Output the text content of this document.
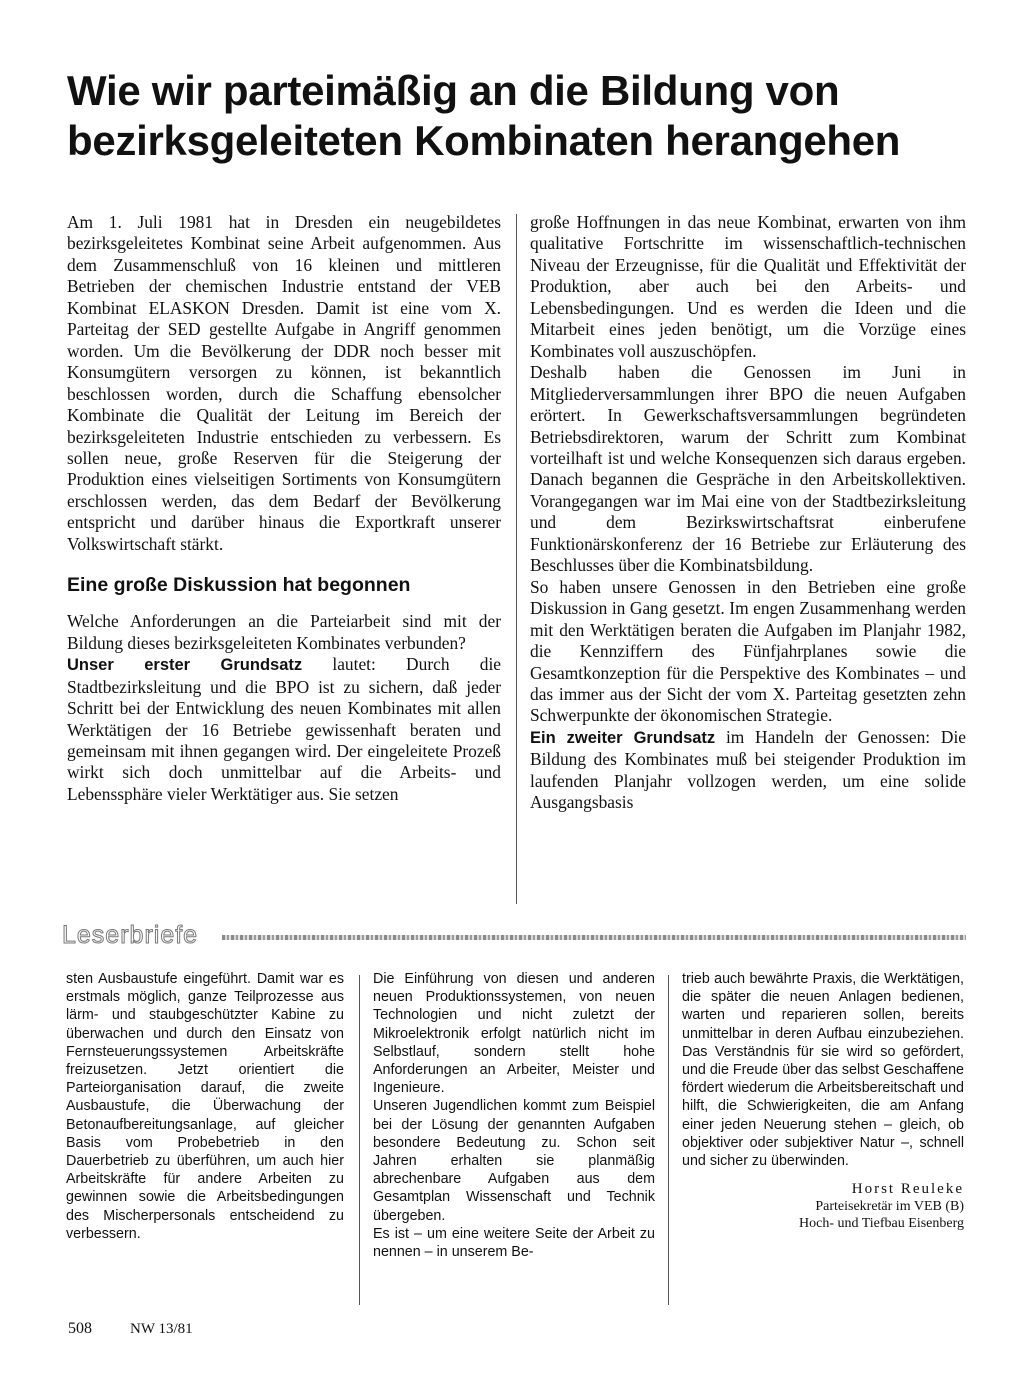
Wie wir parteimäßig an die Bildung von bezirksgeleiteten Kombinaten herangehen

Am 1. Juli 1981 hat in Dresden ein neugebildetes bezirksgeleitetes Kombinat seine Arbeit aufgenommen. Aus dem Zusammenschluß von 16 kleinen und mittleren Betrieben der chemischen Industrie entstand der VEB Kombinat ELASKON Dresden. Damit ist eine vom X. Parteitag der SED gestellte Aufgabe in Angriff genommen worden. Um die Bevölkerung der DDR noch besser mit Konsumgütern versorgen zu können, ist bekanntlich beschlossen worden, durch die Schaffung ebensolcher Kombinate die Qualität der Leitung im Bereich der bezirksgeleiteten Industrie entschieden zu verbessern. Es sollen neue, große Reserven für die Steigerung der Produktion eines vielseitigen Sortiments von Konsumgütern erschlossen werden, das dem Bedarf der Bevölkerung entspricht und darüber hinaus die Exportkraft unserer Volkswirtschaft stärkt.

Eine große Diskussion hat begonnen

Welche Anforderungen an die Parteiarbeit sind mit der Bildung dieses bezirksgeleiteten Kombinates verbunden?

Unser erster Grundsatz lautet: Durch die Stadtbezirksleitung und die BPO ist zu sichern, daß jeder Schritt bei der Entwicklung des neuen Kombinates mit allen Werktätigen der 16 Betriebe gewissenhaft beraten und gemeinsam mit ihnen gegangen wird. Der eingeleitete Prozeß wirkt sich doch unmittelbar auf die Arbeits- und Lebenssphäre vieler Werktätiger aus. Sie setzen

große Hoffnungen in das neue Kombinat, erwarten von ihm qualitative Fortschritte im wissenschaftlich-technischen Niveau der Erzeugnisse, für die Qualität und Effektivität der Produktion, aber auch bei den Arbeits- und Lebensbedingungen. Und es werden die Ideen und die Mitarbeit eines jeden benötigt, um die Vorzüge eines Kombinates voll auszuschöpfen.

Deshalb haben die Genossen im Juni in Mitgliederversammlungen ihrer BPO die neuen Aufgaben erörtert. In Gewerkschaftsversammlungen begründeten Betriebsdirektoren, warum der Schritt zum Kombinat vorteilhaft ist und welche Konsequenzen sich daraus ergeben. Danach begannen die Gespräche in den Arbeitskollektiven. Vorangegangen war im Mai eine von der Stadtbezirksleitung und dem Bezirkswirtschaftsrat einberufene Funktionärskonferenz der 16 Betriebe zur Erläuterung des Beschlusses über die Kombinatsbildung.

So haben unsere Genossen in den Betrieben eine große Diskussion in Gang gesetzt. Im engen Zusammenhang werden mit den Werktätigen beraten die Aufgaben im Planjahr 1982, die Kennziffern des Fünfjahrplanes sowie die Gesamtkonzeption für die Perspektive des Kombinates – und das immer aus der Sicht der vom X. Parteitag gesetzten zehn Schwerpunkte der ökonomischen Strategie.

Ein zweiter Grundsatz im Handeln der Genossen: Die Bildung des Kombinates muß bei steigender Produktion im laufenden Planjahr vollzogen werden, um eine solide Ausgangsbasis

Leserbriefe

sten Ausbaustufe eingeführt. Damit war es erstmals möglich, ganze Teilprozesse aus lärm- und staubgeschützter Kabine zu überwachen und durch den Einsatz von Fernsteuerungssystemen Arbeitskräfte freizusetzen. Jetzt orientiert die Parteiorganisation darauf, die zweite Ausbaustufe, die Überwachung der Betonaufbereitungsanlage, auf gleicher Basis vom Probebetrieb in den Dauerbetrieb zu überführen, um auch hier Arbeitskräfte für andere Arbeiten zu gewinnen sowie die Arbeitsbedingungen des Mischerpersonals entscheidend zu verbessern.

Die Einführung von diesen und anderen neuen Produktionssystemen, von neuen Technologien und nicht zuletzt der Mikroelektronik erfolgt natürlich nicht im Selbstlauf, sondern stellt hohe Anforderungen an Arbeiter, Meister und Ingenieure.

Unseren Jugendlichen kommt zum Beispiel bei der Lösung der genannten Aufgaben besondere Bedeutung zu. Schon seit Jahren erhalten sie planmäßig abrechenbare Aufgaben aus dem Gesamtplan Wissenschaft und Technik übergeben.

Es ist – um eine weitere Seite der Arbeit zu nennen – in unserem Be-

trieb auch bewährte Praxis, die Werktätigen, die später die neuen Anlagen bedienen, warten und reparieren sollen, bereits unmittelbar in deren Aufbau einzubeziehen. Das Verständnis für sie wird so gefördert, und die Freude über das selbst Geschaffene fördert wiederum die Arbeitsbereitschaft und hilft, die Schwierigkeiten, die am Anfang einer jeden Neuerung stehen – gleich, ob objektiver oder subjektiver Natur –, schnell und sicher zu überwinden.

Horst Reuleke
Parteisekretär im VEB (B)
Hoch- und Tiefbau Eisenberg
508	NW 13/81
